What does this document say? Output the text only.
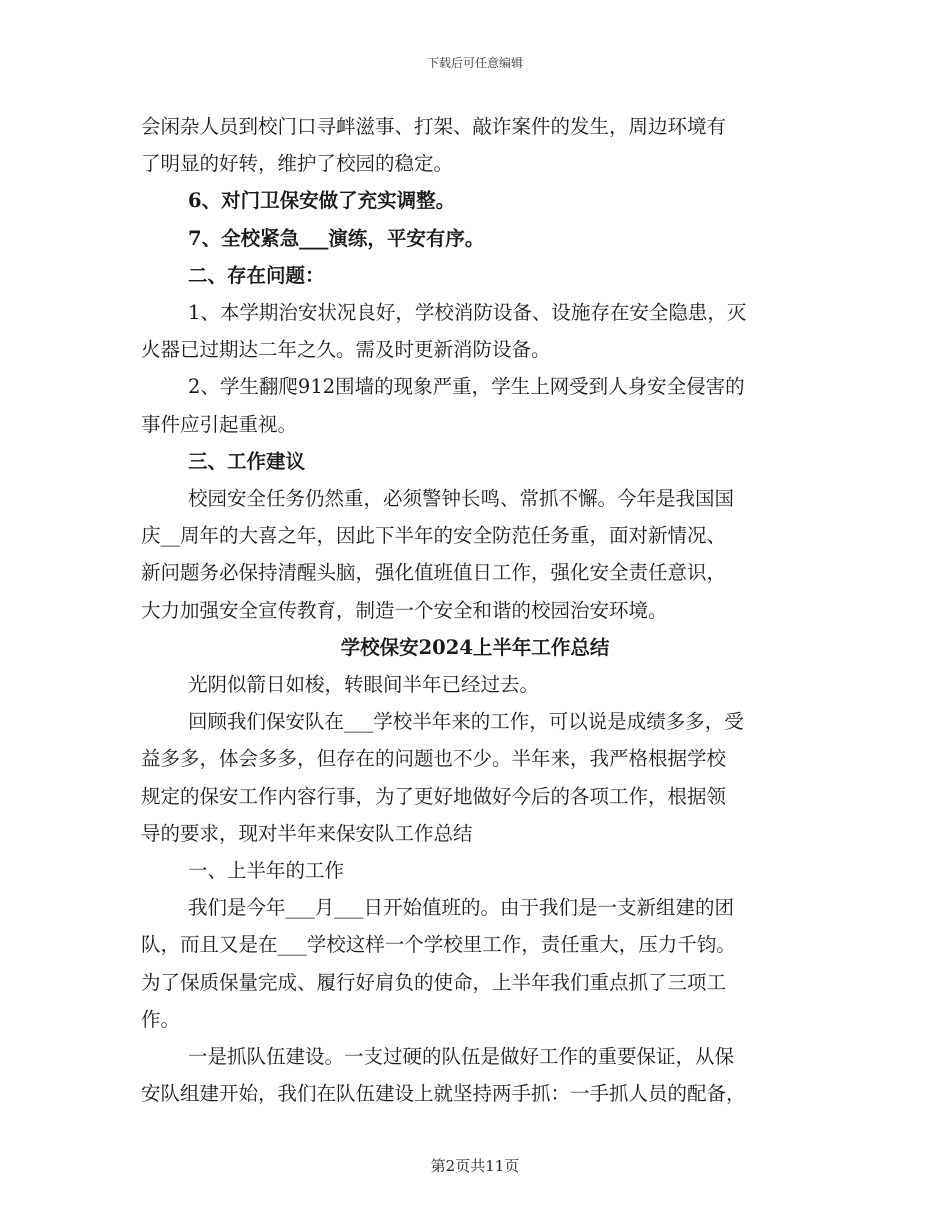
下载后可任意编辑

会闲杂人员到校门口寻衅滋事、打架、敲诈案件的发生，周边环境有

了明显的好转，维护了校园的稳定。

6、对门卫保安做了充实调整。

7、全校紧急___演练，平安有序。

二、存在问题：

1、本学期治安状况良好，学校消防设备、设施存在安全隐患，灭

火器已过期达二年之久。需及时更新消防设备。

2、学生翻爬912围墙的现象严重，学生上网受到人身安全侵害的

事件应引起重视。

三、工作建议

校园安全任务仍然重，必须警钟长鸣、常抓不懈。今年是我国国

庆__周年的大喜之年，因此下半年的安全防范任务重，面对新情况、

新问题务必保持清醒头脑，强化值班值日工作，强化安全责任意识，

大力加强安全宣传教育，制造一个安全和谐的校园治安环境。

学校保安2024上半年工作总结

光阴似箭日如梭，转眼间半年已经过去。

回顾我们保安队在___学校半年来的工作，可以说是成绩多多，受

益多多，体会多多，但存在的问题也不少。半年来，我严格根据学校

规定的保安工作内容行事，为了更好地做好今后的各项工作，根据领

导的要求，现对半年来保安队工作总结

一、上半年的工作

我们是今年___月___日开始值班的。由于我们是一支新组建的团

队，而且又是在___学校这样一个学校里工作，责任重大，压力千钧。

为了保质保量完成、履行好肩负的使命，上半年我们重点抓了三项工

作。

一是抓队伍建设。一支过硬的队伍是做好工作的重要保证，从保

安队组建开始，我们在队伍建设上就坚持两手抓：一手抓人员的配备，

第2页共11页
